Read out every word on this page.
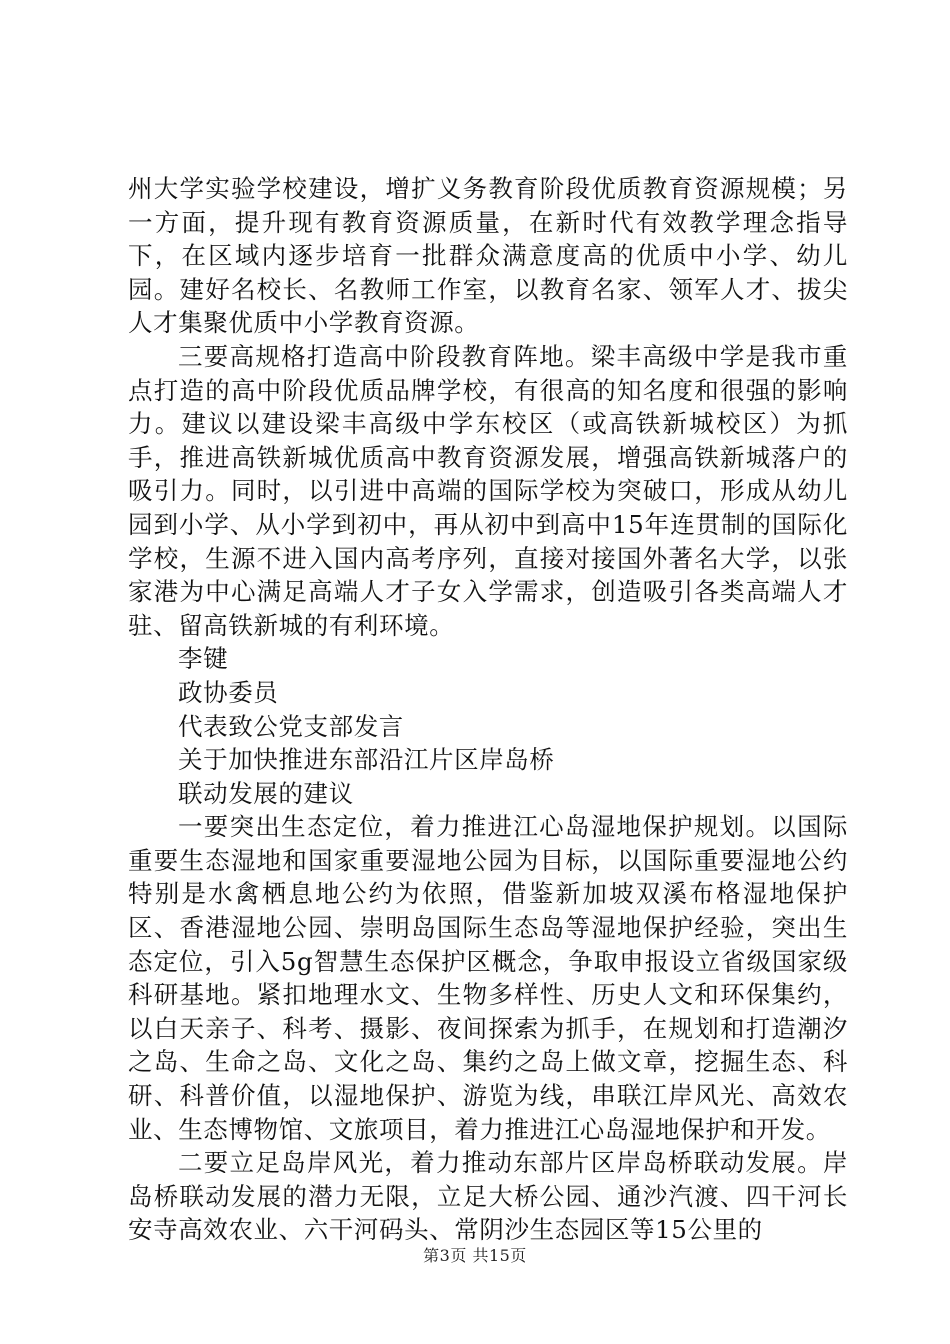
州大学实验学校建设，增扩义务教育阶段优质教育资源规模；另一方面，提升现有教育资源质量，在新时代有效教学理念指导下，在区域内逐步培育一批群众满意度高的优质中小学、幼儿园。建好名校长、名教师工作室，以教育名家、领军人才、拔尖人才集聚优质中小学教育资源。

三要高规格打造高中阶段教育阵地。梁丰高级中学是我市重点打造的高中阶段优质品牌学校，有很高的知名度和很强的影响力。建议以建设梁丰高级中学东校区（或高铁新城校区）为抓手，推进高铁新城优质高中教育资源发展，增强高铁新城落户的吸引力。同时，以引进中高端的国际学校为突破口，形成从幼儿园到小学、从小学到初中，再从初中到高中15年连贯制的国际化学校，生源不进入国内高考序列，直接对接国外著名大学，以张家港为中心满足高端人才子女入学需求，创造吸引各类高端人才驻、留高铁新城的有利环境。

李键

政协委员

代表致公党支部发言

关于加快推进东部沿江片区岸岛桥

联动发展的建议

一要突出生态定位，着力推进江心岛湿地保护规划。以国际重要生态湿地和国家重要湿地公园为目标，以国际重要湿地公约特别是水禽栖息地公约为依照，借鉴新加坡双溪布格湿地保护区、香港湿地公园、崇明岛国际生态岛等湿地保护经验，突出生态定位，引入5g智慧生态保护区概念，争取申报设立省级国家级科研基地。紧扣地理水文、生物多样性、历史人文和环保集约，以白天亲子、科考、摄影、夜间探索为抓手，在规划和打造潮汐之岛、生命之岛、文化之岛、集约之岛上做文章，挖掘生态、科研、科普价值，以湿地保护、游览为线，串联江岸风光、高效农业、生态博物馆、文旅项目，着力推进江心岛湿地保护和开发。

二要立足岛岸风光，着力推动东部片区岸岛桥联动发展。岸岛桥联动发展的潜力无限，立足大桥公园、通沙汽渡、四干河长安寺高效农业、六干河码头、常阴沙生态园区等15公里的

第3页 共15页
